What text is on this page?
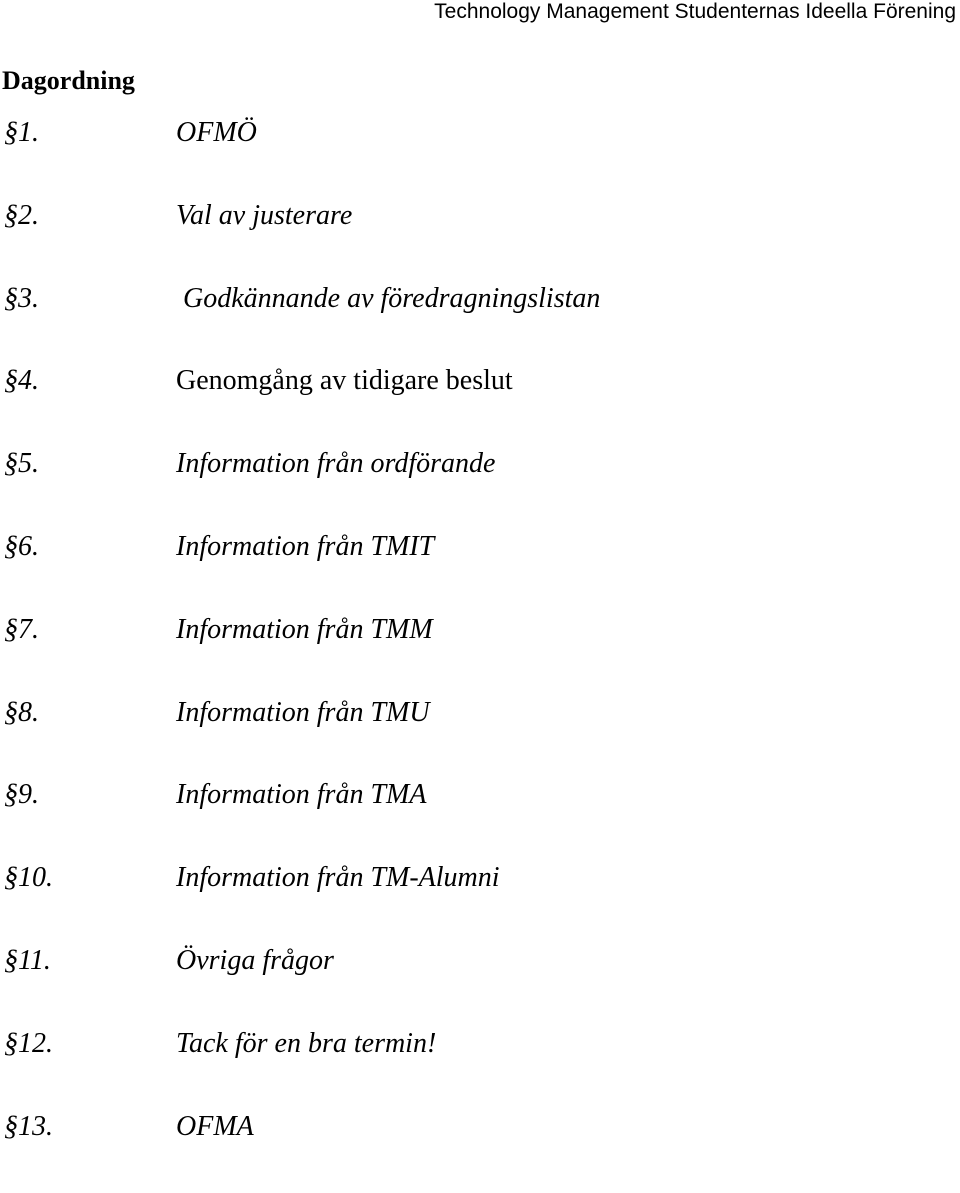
Technology Management Studenternas Ideella Förening
Dagordning
§1.	OFMÖ
§2.	Val av justerare
§3.	Godkännande av föredragningslistan
§4.	Genomgång av tidigare beslut
§5.	Information från ordförande
§6.	Information från TMIT
§7.	Information från TMM
§8.	Information från TMU
§9.	Information från TMA
§10.	Information från TM-Alumni
§11.	Övriga frågor
§12.	Tack för en bra termin!
§13.	OFMA
